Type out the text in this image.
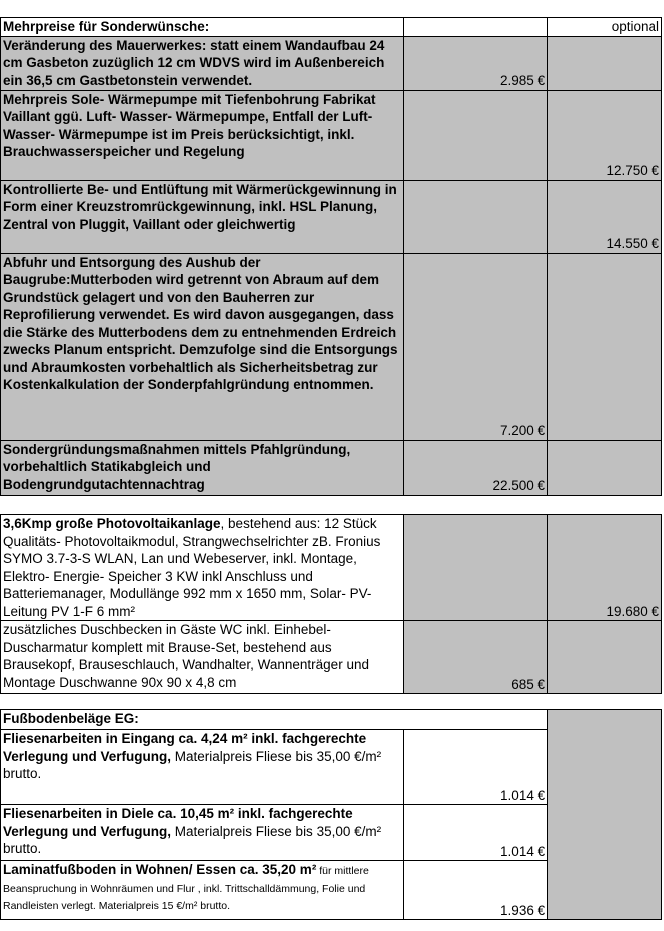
Mehrpreise für Sonderwünsche:		optional
Veränderung des Mauerwerkes: statt einem Wandaufbau 24 cm Gasbeton zuzüglich 12 cm WDVS wird im Außenbereich ein 36,5 cm Gastbetonstein verwendet.	2.985 €	
Mehrpreis Sole- Wärmepumpe mit Tiefenbohrung Fabrikat Vaillant ggü. Luft- Wasser- Wärmepumpe, Entfall der Luft-Wasser- Wärmepumpe ist im Preis berücksichtigt, inkl. Brauchwasserspeicher und Regelung		12.750 €
Kontrollierte Be- und Entlüftung mit Wärmerückgewinnung in Form einer Kreuzstromrückgewinnung, inkl. HSL Planung, Zentral von Pluggit, Vaillant oder gleichwertig		14.550 €
Abfuhr und Entsorgung des Aushub der Baugrube:Mutterboden wird getrennt von Abraum auf dem Grundstück gelagert und von den Bauherren zur Reprofilierung verwendet. Es wird davon ausgegangen, dass die Stärke des Mutterbodens dem zu entnehmenden Erdreich zwecks Planum entspricht. Demzufolge sind die Entsorgungs und Abraumkosten vorbehaltlich als Sicherheitsbetrag zur Kostenkalkulation der Sonderpfahlgründung entnommen.	7.200 €	
Sondergründungsmaßnahmen mittels Pfahlgründung, vorbehaltlich Statikabgleich und Bodengrundgutachtennachtrag	22.500 €	
3,6Kmp große Photovoltaikanlage, bestehend aus: 12 Stück Qualitäts- Photovoltaikmodul, Strangwechselrichter zB. Fronius SYMO 3.7-3-S WLAN, Lan und Webeserver, inkl. Montage, Elektro- Energie- Speicher 3 KW inkl Anschluss und Batteriemanager, Modullänge 992 mm x 1650 mm, Solar- PV-Leitung PV 1-F 6 mm²		19.680 €
zusätzliches Duschbecken in Gäste WC inkl. Einhebel-Duscharmatur komplett mit Brause-Set, bestehend aus Brausekopf, Brauseschlauch, Wandhalter, Wannenträger und Montage Duschwanne 90x 90 x 4,8 cm	685 €	
Fußbodenbeläge EG:		
Fliesenarbeiten in Eingang ca. 4,24 m² inkl. fachgerechte Verlegung und Verfugung, Materialpreis Fliese bis 35,00 €/m² brutto.	1.014 €	
Fliesenarbeiten in Diele ca. 10,45 m² inkl. fachgerechte Verlegung und Verfugung, Materialpreis Fliese bis 35,00 €/m² brutto.	1.014 €	
Laminatfußboden in Wohnen/ Essen ca. 35,20 m² für mittlere Beanspruchung in Wohnräumen und Flur , inkl. Trittschalldämmung, Folie und Randleisten verlegt. Materialpreis 15 €/m² brutto.	1.936 €	
